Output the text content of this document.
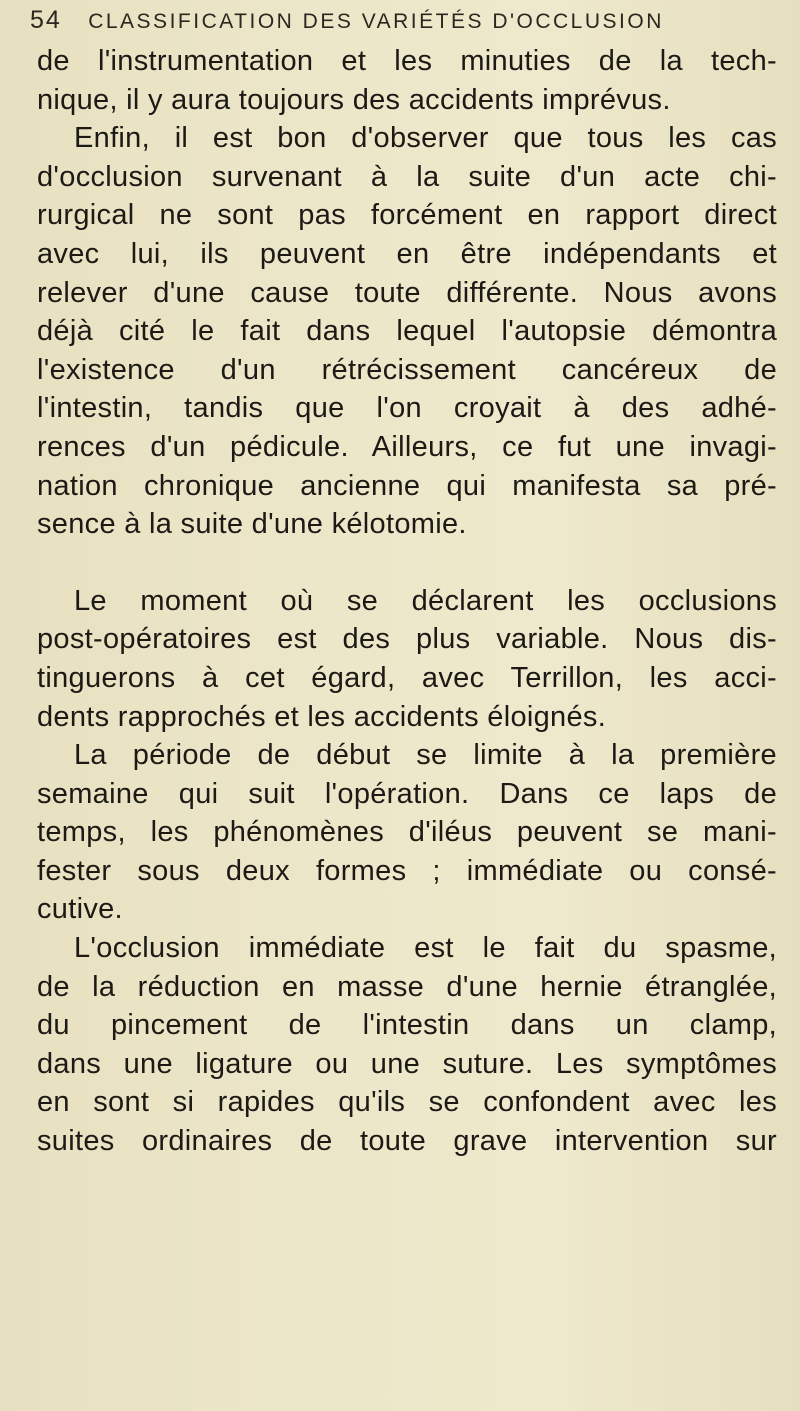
54 CLASSIFICATION DES VARIÉTÉS D'OCCLUSION
de l'instrumentation et les minuties de la tech-
nique, il y aura toujours des accidents imprévus.
Enfin, il est bon d'observer que tous les cas
d'occlusion survenant à la suite d'un acte chi-
rurgical ne sont pas forcément en rapport direct
avec lui, ils peuvent en être indépendants et
relever d'une cause toute différente. Nous avons
déjà cité le fait dans lequel l'autopsie démontra
l'existence d'un rétrécissement cancéreux de
l'intestin, tandis que l'on croyait à des adhé-
rences d'un pédicule. Ailleurs, ce fut une invagi-
nation chronique ancienne qui manifesta sa pré-
sence à la suite d'une kélotomie.
Le moment où se déclarent les occlusions
post-opératoires est des plus variable. Nous dis-
tinguerons à cet égard, avec Terrillon, les acci-
dents rapprochés et les accidents éloignés.
La période de début se limite à la première
semaine qui suit l'opération. Dans ce laps de
temps, les phénomènes d'iléus peuvent se mani-
fester sous deux formes ; immédiate ou consé-
cutive.
L'occlusion immédiate est le fait du spasme,
de la réduction en masse d'une hernie étranglée,
du pincement de l'intestin dans un clamp,
dans une ligature ou une suture. Les symptômes
en sont si rapides qu'ils se confondent avec les
suites ordinaires de toute grave intervention sur
